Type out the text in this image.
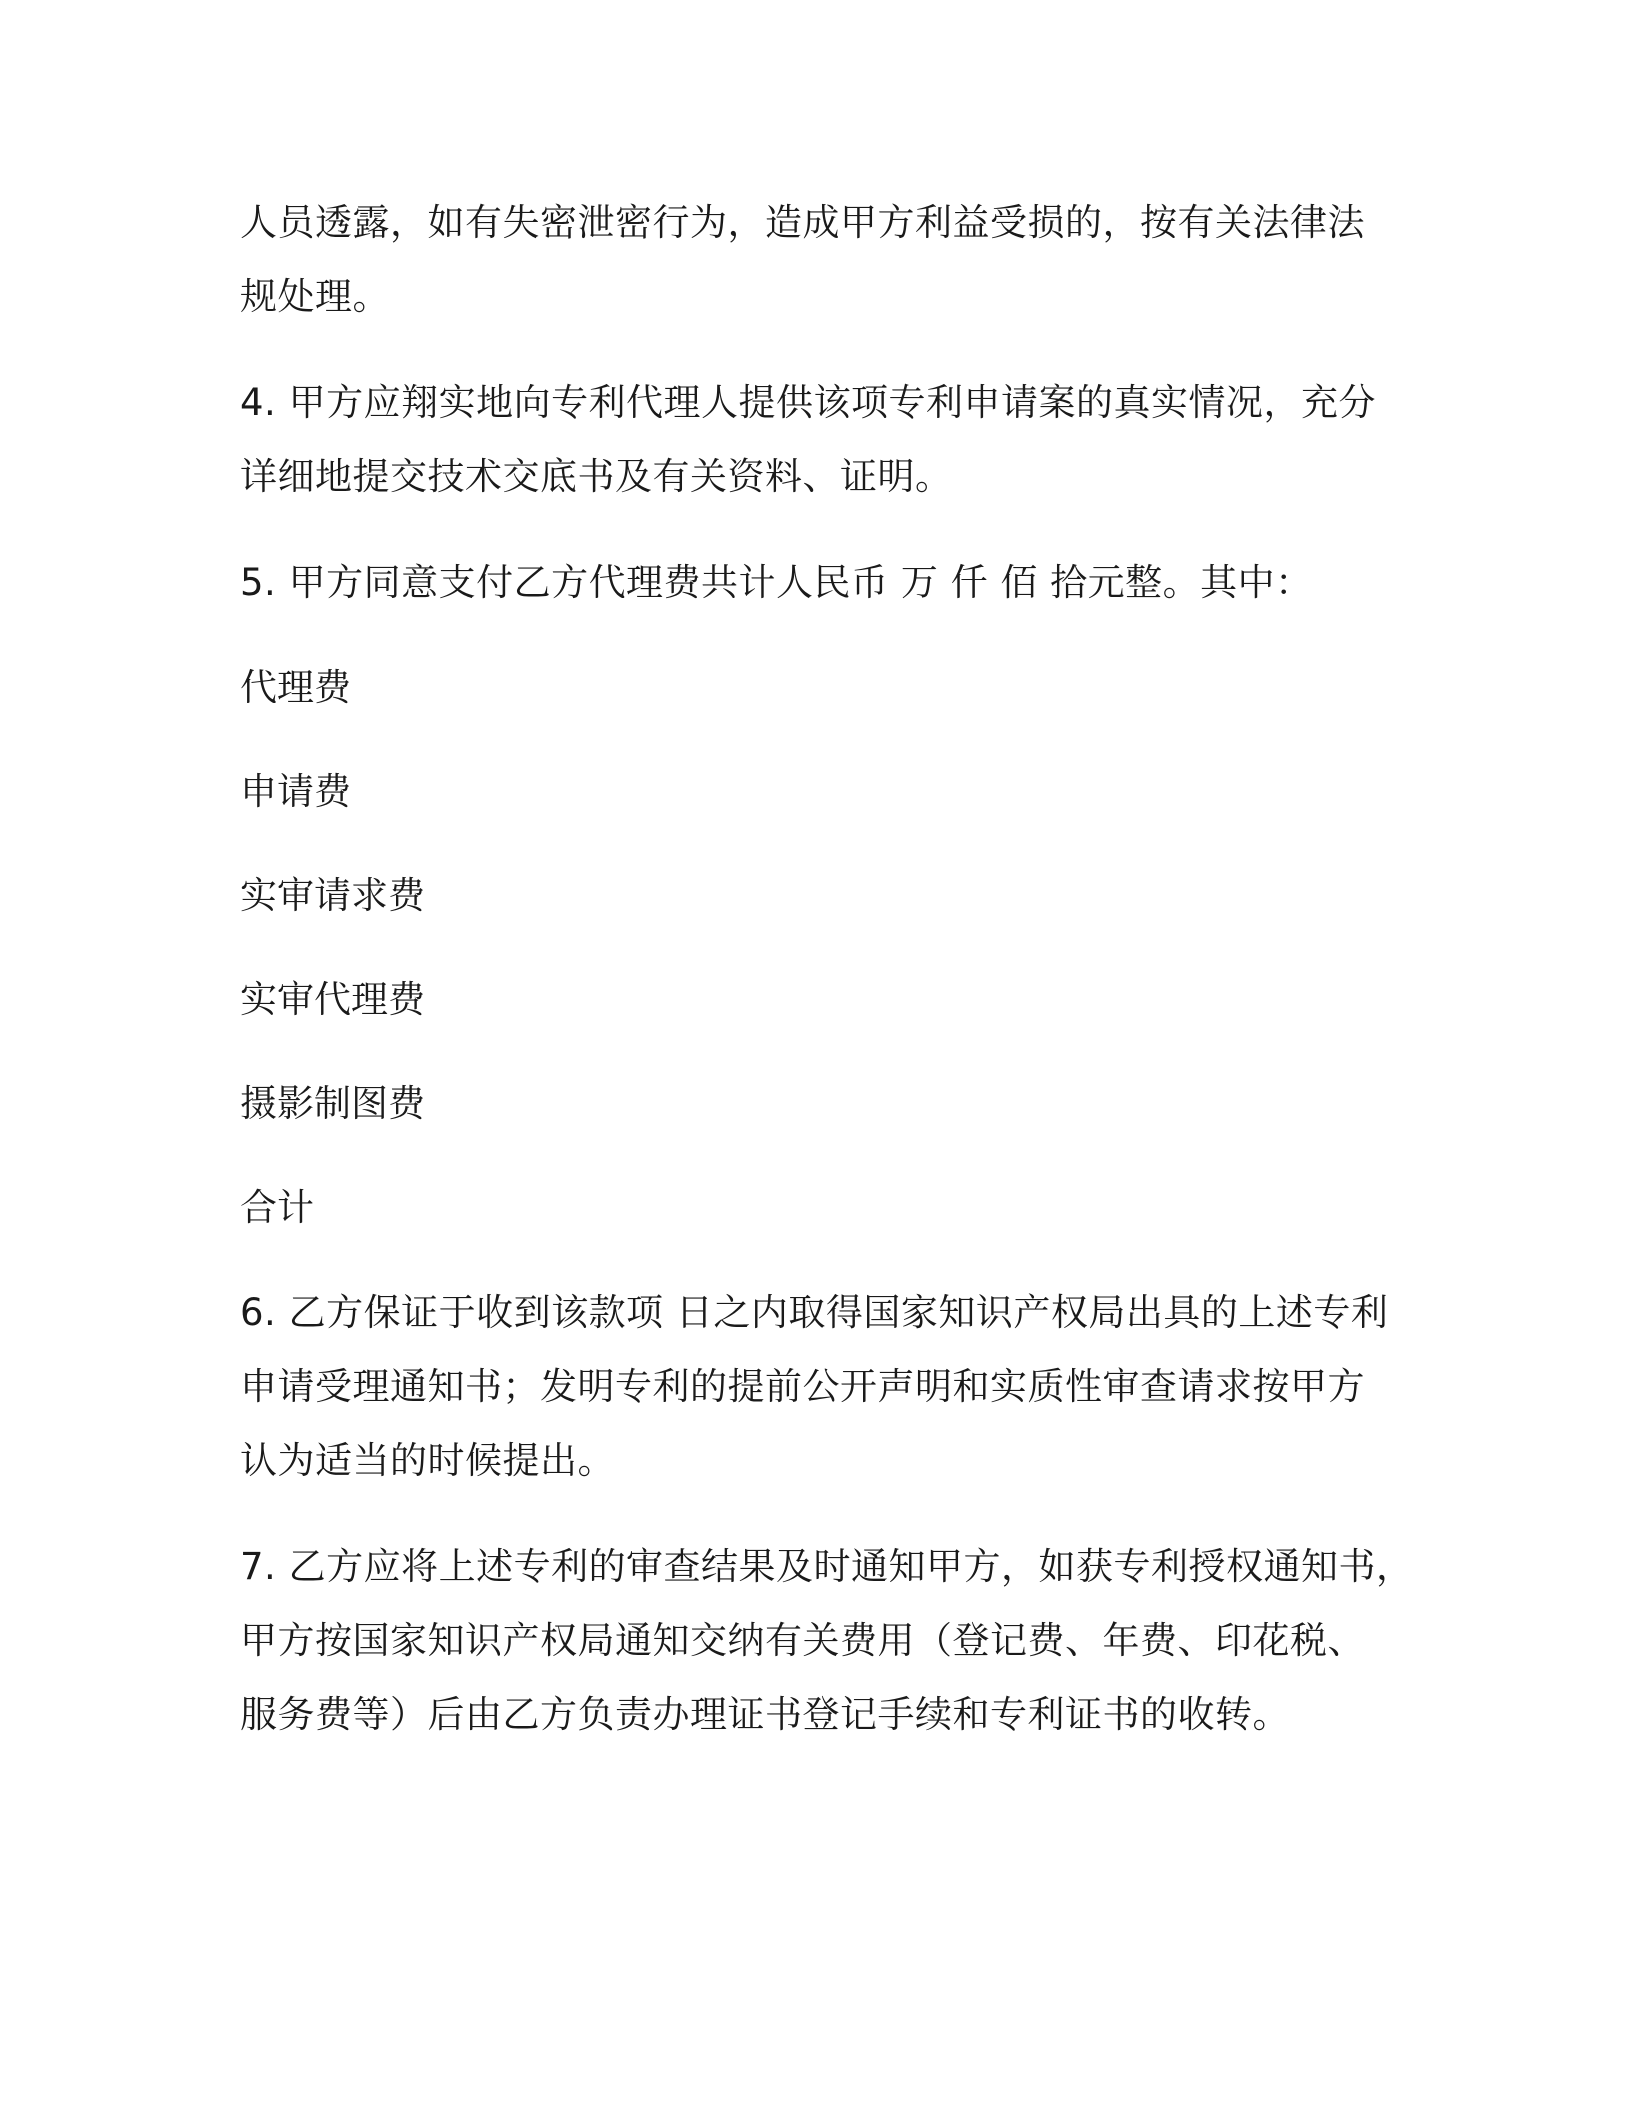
人员透露，如有失密泄密行为，造成甲方利益受损的，按有关法律法
规处理。

4. 甲方应翔实地向专利代理人提供该项专利申请案的真实情况，充分
详细地提交技术交底书及有关资料、证明。

5. 甲方同意支付乙方代理费共计人民币 万 仟 佰 拾元整。其中：

代理费
申请费
实审请求费
实审代理费
摄影制图费
合计

6. 乙方保证于收到该款项 日之内取得国家知识产权局出具的上述专利
申请受理通知书；发明专利的提前公开声明和实质性审查请求按甲方
认为适当的时候提出。

7. 乙方应将上述专利的审查结果及时通知甲方，如获专利授权通知书，
甲方按国家知识产权局通知交纳有关费用（登记费、年费、印花税、
服务费等）后由乙方负责办理证书登记手续和专利证书的收转。
